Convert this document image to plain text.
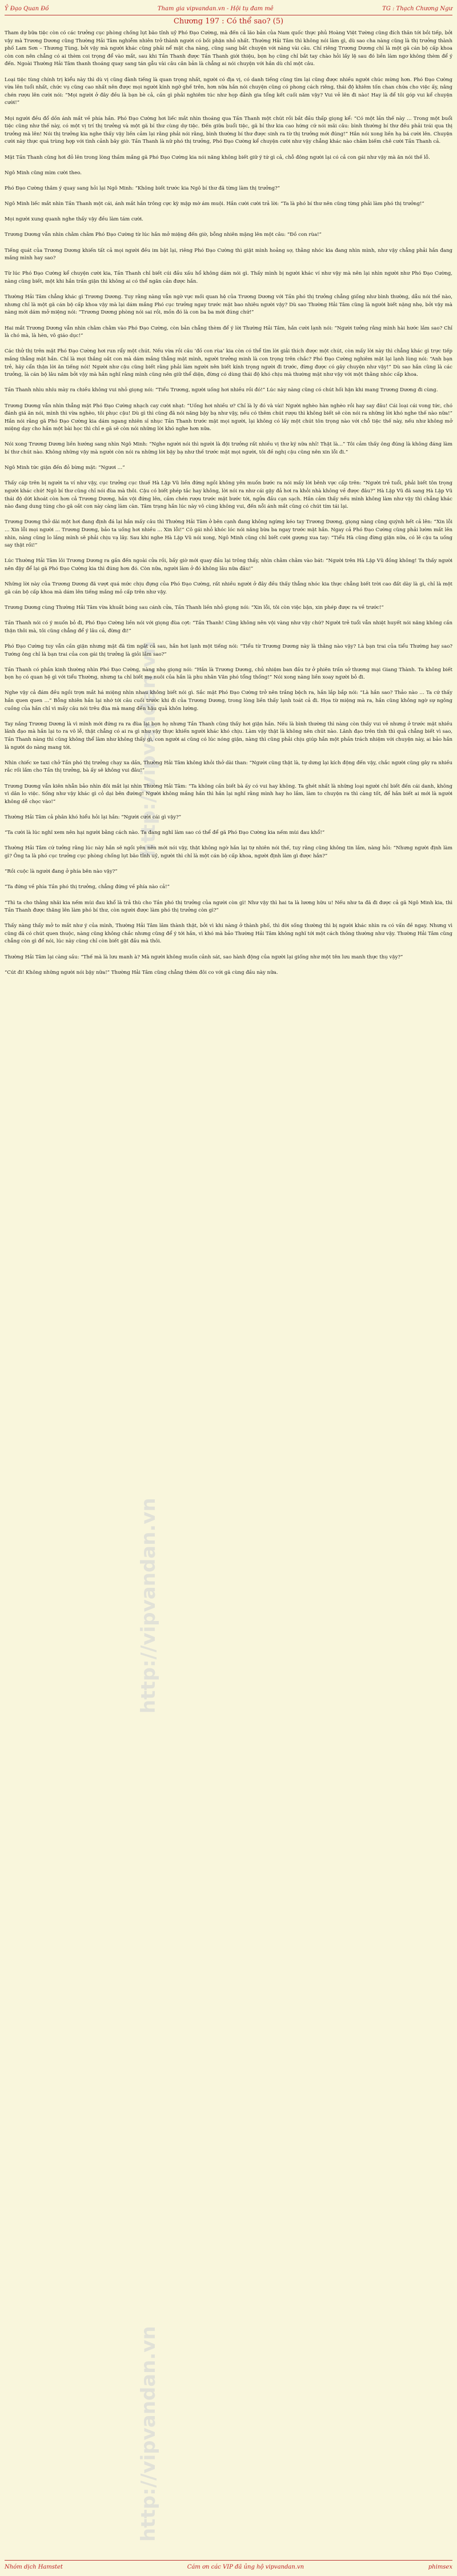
Ỷ Đạo Quan Đồ	Tham gia vipvandan.vn - Hội tụ đam mê	TG : Thạch Chương Ngư
Chương 197 : Có thể sao? (5)
http://vipvandan.vn
http://vipvandan.vn
http://vipvandan.vn

Tham dự bữa tiệc còn có các trưởng cục phòng chống lụt bão tỉnh uỷ Phó Đạo Cường, mà đến cả lão bản của Nam quốc thực phủ Hoàng Việt Tường cũng đích thân tới bồi tiếp, bởi vậy mà Trương Dương cũng Thường Hải Tâm nghiễm nhiên trở thành người có bối phận nhỏ nhất. Thường Hải Tâm thì không nói làm gì, dù sao cha nàng cũng là thị trưởng thành phố Lam Sơn – Thương Tùng, bởi vậy mà người khác cũng phải nể mặt cha nàng, cũng sang bắt chuyện với nàng vài câu. Chỉ riêng Trương Dương chỉ là một gã cán bộ cấp khoa còn con nên chẳng có ai thèm coi trọng để vào mắt, sau khi Tần Thanh được Tần Thanh giới thiệu, bọn họ cũng chỉ bắt tay chào hỏi lấy lệ sau đó liền làm ngơ không thèm để ý đến. Ngoài Thường Hải Tâm thanh thoáng quay sang tán gẫu vài câu cân bản là chẳng ai nói chuyện với hắn dù chỉ một câu.

Loại tiệc tùng chính trị kiểu này thì dù vị cũng đành tiếng là quan trọng nhất, người có địa vị, có danh tiếng cũng tìm lại cũng được nhiều người chúc mừng hơn. Phó Đạo Cường vừa lên tuổi nhất, chức vụ cũng cao nhất nên được mọi người kính ngỡ ghế trên, hơn nữa hắn nói chuyện cũng có phong cách riêng, thái độ khiêm tốn chan chứa cho việc ấy, nâng chén rượu lên cười nói: “Mọi người ở đây đều là bạn bè cả, cần gì phải nghiêm túc như họp đảnh gia tổng kết cuối năm vậy? Vui vẻ lên đi nào! Hay là để tôi góp vui kể chuyện cười!”

Mọi người đều đổ dồn ánh mắt về phía hắn. Phó Đạo Cường hơi liếc mắt nhìn thoáng qua Tần Thanh một chút rồi bắt đầu thấp giọng kể: “Có một lần thế này … Trong một buổi tiệc cũng như thế này, có một vị trí thị trưởng và một gã bí thư cùng dự tiệc. Đến giữa buổi tiệc, gã bí thư kia cao hứng cứ nói mãi câu: bình thường bí thư đều phải trái qua thị trưởng mà lên! Nói thị trưởng kia nghe thấy vậy liền cảm lại rằng phải nói rằng, bình thường bí thư được sinh ra từ thị trưởng mới đúng!” Hắn nói xong liền hạ bá cười lên. Chuyện cười này thực quá trùng hợp với tình cảnh bây giờ. Tần Thanh là nữ phó thị trưởng, Phó Đạo Cường kể chuyện cười như vậy chẳng khác nào châm biếm chê cười Tần Thanh cả.

Mặt Tần Thanh cũng hơi đỏ lên trong lòng thầm mắng gã Phó Đạo Cường kia nói năng không biết giữ ý tứ gì cả, chỗ đông người lại có cả con gái như vậy mà ăn nói thế lỗ.

Ngô Minh cũng mìm cười theo.

Phó Đạo Cường thâm ý quay sang hỏi lại Ngô Minh: “Không biết trước kia Ngô bí thư đã từng làm thị trưởng?”

Ngô Minh liếc mắt nhìn Tần Thanh một cái, ánh mắt hắn trông cực kỳ mập mờ ám muội. Hắn cười cười trả lời: “Ta là phó bí thư nên cũng từng phải làm phó thị trưởng!”

Mọi người xung quanh nghe thấy vậy đều làm tám cười.

Trương Dương vẫn nhìn chằm chằm Phó Đạo Cường từ lúc hắn mở miệng đến giờ, bỗng nhiên mặng lên một câu: “Đồ con rùa!”

Tiếng quát của Trương Dương khiến tất cả mọi người đều im bặt lại, riêng Phó Đạo Cường thì giật mình hoảng sợ, thằng nhóc kia đang nhìn mình, như vậy chẳng phải hắn đang mắng mình hay sao?

Từ lúc Phó Đạo Cường kể chuyện cười kia, Tần Thanh chỉ biết cúi đầu xấu hổ không dám nói gì. Thấy mình bị người khác ví như vậy mà nên lại nhìn người như Phó Đạo Cường, nàng cũng biết, một khi hắn trấn giận thì không ai có thể ngăn cản được hắn.

Thường Hải Tâm chẳng khác gì Trương Dương. Tuy rằng nàng vẫn ngờ vực mối quan hệ của Trương Dương với Tần phó thị trưởng chẳng giống như bình thường, dẫu nói thế nào, nhưng chỉ là một gã cán bộ cấp khoa vậy mà lại dám mắng Phó cục trưởng ngay trước mặt bao nhiêu người vậy? Dù sao Thường Hải Tâm cũng là người biết nặng nhẹ, bởi vậy mà nàng mới dám mở miệng nói: “Trương Dương phòng nói sai rồi, mồn đó là con ba ba mới đúng chứ!”

Hai mắt Trương Dương vẫn nhìn chằm chằm vào Phó Đạo Cường, còn bản chẳng thèm để ý lời Thường Hải Tâm, hắn cười lạnh nói: “Người tưởng rằng mình hài hước lắm sao? Chỉ là chó mà, là hèn, vô giáo dục!”

Các thử thị trên mặt Phó Đạo Cường hơi run rẩy một chút. Nếu vừa rồi câu ‘đồ con rùa’ kia còn có thể tìm lời giải thích được một chút, còn mấy lời này thì chẳng khác gì trực tiếp mắng thẳng mặt hắn. Chỉ là mọi thắng oắt con mà dám mắng thẳng mặt mình, người trưởng minh là con trọng trên chắc? Phó Đạo Cường nghiêm mặt lại lạnh lùng nói: “Anh bạn trẻ, hãy cẩn thận lời ăn tiếng nói! Người như cậu cũng biết rằng phải làm người nên biết kính trọng người đi trước, đừng được có gây chuyện như vậy!” Dù sao hắn cũng là các trưởng, là cán bộ lâu năm bởi vậy mà hắn nghĩ rằng mình cũng nên giữ thể diện, đừng có dùng thái độ khó chịu mà thường mặt như vậy với một thằng nhóc cấp khoa.

Tần Thanh nhìu nhíu mày ra chiều không vui nhỏ giọng nói: “Tiểu Trương, người uống hơi nhiều rồi đó!” Lúc này nàng cũng có chút hối hận khi mang Trương Dương đi cùng.

Trương Dương vẫn nhìn thẳng mặt Phó Đạo Cường nhạch cay cười nhạt: “Uống hơi nhiều ư? Chỉ là ly đó và vài! Người nghèo hàn nghèo rồi hay say đâu! Cái loại cái vong tức, chó đánh giá ăn nói, mình thì vừa nghèo, tôi phục cậu! Dù gì thì cũng đã nói năng bậy bạ như vậy, nếu có thêm chút rượu thì không biết sẽ còn nói ra những lời khó nghe thế nào nữa!” Hắn nói rằng gã Phó Đạo Cường kia dám ngang nhiên sỉ nhục Tần Thanh trước mặt mọi người, lại không có lấy một chút tôn trọng nào với chỗ tiệc thế này, nếu như không mở miệng dạy cho hắn một bài học thì chỉ e gã sẽ còn nói những lời khó nghe hơn nữa.

Nói xong Trương Dương liền hướng sang nhìn Ngô Minh: “Nghe người nói thì người là đội trưởng rất nhiều vị thư ký nữa nhỉ! Thật là…” Tôi cảm thấy ông đúng là không đáng làm bí thư chút nào. Không những vậy mà người còn nói ra những lời bậy bạ như thế trước mặt mọi người, tôi đề nghị cậu cũng nên xin lỗi đi.”

Ngô Minh tức giận đến đỏ bừng mặt: “Ngươi …”

Thấy cáp trên bị người ta ví như vậy, cục trưởng cục thuế Hà Lập Vũ liền đứng ngồi không yên muốn bước ra nói mấy lời bênh vực cấp trên: “Người trẻ tuổi, phải biết tôn trọng người khác chứ! Ngô bí thư cũng chỉ nói đùa mà thôi. Cậu có biết phép tắc hay không, lời nói ra như cái gậy đả hơi ra khỏi nhà không về được đâu?” Hà Lập Vũ đã sang Hà Lập Vũ thái độ dứt khoát còn hơn cả Trương Dương, hắn vội đứng lên, cầm chén rượu trước mặt bước tới, ngửa đầu cạn sạch. Hắn cảm thấy nếu mình không làm như vậy thì chẳng khác nào đang dung túng cho gã oắt con này càng làm càn. Tâm trạng hắn lúc này vô cùng không vui, đến nỗi ánh mắt cũng có chút tím tái lại.

Trương Dương thở dài một hơi đang định đá lại hắn mấy câu thì Thường Hải Tâm ở bên cạnh đang không ngừng kéo tay Trương Dương, giọng nàng cũng quýnh hết cả lên: “Xin lỗi … Xin lỗi mọi người … Trương Dương, bảo ta uống hơi nhiều … Xin lỗi!” Cô gái nhỏ khóc lóc nói năng bừa ba ngay trước mặt hắn. Ngay cả Phó Đạo Cường cũng phải lườm mắt lên nhìn, nàng cũng lo lắng mình sẽ phải chịu vạ lây. Sau khi nghe Hà Lập Vũ nói xong, Ngô Minh cũng chỉ biết cười gượng xua tay: “Tiểu Hà cũng đừng giận nữa, có lẽ cậu ta uống say thật rồi!”

Lúc Thường Hải Tâm lôi Trương Dương ra gần đến ngoài cửa rồi, bấy giờ mới quay đầu lại trông thấy, nhìn chằm chằm vào bát: “Người trên Hà Lập Vũ đồng không! Ta thấy người nên đậy để lại gã Phó Đạo Cường kia thì đúng hơn đó. Còn nữa, người làm ở đó không lâu nữa đâu!”

Những lời này của Trương Dương đã vượt quá mức chịu đựng của Phó Đạo Cường, rất nhiều người ở đây đều thấy thẳng nhóc kia thực chẳng biết trời cao đất dày là gì, chỉ là một gã cán bộ cấp khoa mà dám lên tiếng mắng mỏ cấp trên như vậy.

Trương Dương cùng Thường Hải Tâm vừa khuất bóng sau cánh cửa, Tần Thanh liền nhỏ giọng nói: “Xin lỗi, tôi còn việc bận, xin phép được ra về trước!”

Tần Thanh nói có ý muốn bỏ đi, Phó Đạo Cường liền nói với giọng đùa cợt: “Tần Thanh! Cũng không nên vội vàng như vậy chứ? Người trẻ tuổi vẫn nhiệt huyết nói năng không cần thận thôi mà, tôi cũng chẳng để ý lâu cả, đừng đi!”

Phó Đạo Cường tuy vẫn cần giận nhưng mặt đã tìm ngắt cả sau, hắn hơi lạnh một tiếng nói: “Tiểu từ Trương Dương này là thằng nào vậy? Là bạn trai của tiểu Thường hay sao? Tướng ông chỉ là bạn trai của con gái thị trưởng là giỏi lắm sao?”

Tần Thanh có phần kinh thường nhìn Phó Đạo Cường, nàng nhẹ giọng nói: “Hắn là Trương Dương, chủ nhiệm ban đầu tư ở phiên trấn sở thương mại Giang Thành. Ta không biết bọn họ có quan hệ gì với tiểu Thường, nhưng ta chỉ biết mẹ nuôi của hắn là phu nhân Văn phó tổng thống!” Nói xong nàng liền xoay người bỏ đi.

Nghe vậy cả đám đều ngồi trợn mắt há miệng nhìn nhau không biết nói gì. Sắc mặt Phó Đạo Cường trở nên trắng bệch ra, hắn lắp bắp nói: “Là hắn sao? Thảo nào … Ta cứ thấy hắn quen quen …” Bỗng nhiên hắn lại nhớ tới câu cuối trước khi đi của Trương Dương, trong lòng liền thấy lạnh toát cả đi. Họa từ miệng mà ra, hắn cũng không ngờ sự ngông cuồng của hắn chỉ vì mấy câu nói trêu đùa mà mang đến hậu quả khôn lường.

Tay nắng Trương Dương là vì mình mới đứng ra ra đùa lại bọn họ nhưng Tần Thanh cũng thấy hơi giận hắn. Nếu là bình thường thì nàng còn thấy vui vẻ nhưng ở trước mặt nhiều lãnh đạo mà hắn lại to ra vô lễ, thật chẳng có ai ra gì như vậy thực khiến người khác khó chịu. Làm vậy thật là không nên chút nào. Lãnh đạo trên tỉnh thì quả chẳng biết vì sao, Tần Thanh nàng thì cũng không thể làm như không thấy gì, con người ai cũng có lúc nóng giận, nàng thì cũng phải chịu giúp hắn một phần trách nhiệm với chuyện này, ai bảo hắn là người do nàng mang tới.

Nhìn chiếc xe taxi chở Tần phó thị trưởng chạy xa dần, Thường Hải Tâm không khỏi thở dài than: “Người cũng thật là, tự dưng lại kích động đến vậy, chắc người cũng gây ra nhiều rắc rối lắm cho Tần thị trưởng, bà ấy sẽ không vui đâu!”

Trương Dương vẫn kiên nhẫn bảo nhìn đôi mắt lại nhìn Thường Hải Tâm: “Ta không cần biết bà ấy có vui hay không. Ta ghét nhất là những loại người chỉ biết đến cái danh, không vì dân lo việc. Sống như vậy khác gì cỏ dại bên đường! Người không mắng hắn thì hắn lại nghĩ rằng mình hay ho lắm, làm to chuyện ra thì càng tốt, để hắn biết ai mới là người không dễ chọc vào!”

Thường Hải Tâm cả phân khó hiểu hỏi lại hắn: “Người cười cái gì vậy?”

“Ta cười là lúc nghĩ xem nên hại người bằng cách nào. Ta đang nghĩ làm sao có thể để gã Phó Đạo Cường kia nếm mùi đau khổ!”

Thường Hải Tâm cứ tưởng rằng lúc này hắn sẽ ngồi yên nên mới nói vậy, thật không ngờ hắn lại tự nhiên nói thế, tuy rằng cũng không tin lắm, nàng hỏi: “Nhưng người định làm gì? Ông ta là phó cục trưởng cục phòng chống lụt bão tỉnh uỷ, người thì chỉ là một cán bộ cấp khoa, người định làm gì được hắn?”

“Rồi cuộc là người đang ở phía bên nào vậy?”

“Ta đứng về phía Tần phó thị trưởng, chẳng đứng về phía nào cả!”

“Thì ta cho thằng nhãi kia nếm mùi đau khổ là trả thù cho Tần phó thị trưởng của người còn gì! Như vậy thì hai ta là lương hữu u! Nếu như ta đã đi được cả gã Ngô Minh kia, thì Tần Thanh được thăng lên làm phó bí thư, còn người được làm phó thị trưởng còn gì?”

Thấy nàng thấy mở to mắt như ý của mình, Thường Hải Tâm lâm thành thật, bởi vì khi nàng ở thành phố, thì đời sống thường thì bị người khác nhìn ra có vấn đề ngay. Nhưng vì cũng đã có chút quen thuộc, nàng cũng không chắc nhưng cũng để ý tới hắn, vì khó mà bảo Thường Hải Tâm không nghĩ tới một cách thông thường như vậy. Thường Hải Tâm cũng chẳng còn gì để nói, lúc này cũng chỉ còn biết gật đầu mà thôi.

Thường Hải Tâm lại càng sầu: “Thế mà là lưu manh à? Mà người không muốn cảnh sát, sao hành động của người lại giống như một tên lưu manh thực thụ vậy?”

“Cút đi! Không những người nói bậy nữa!” Thường Hải Tâm cũng chẳng thèm đôi co với gã cùng đầu này nữa.

Nhóm dịch Hamstet	Cám ơn các VIP đã ủng hộ vipvandan.vn	phimsex
